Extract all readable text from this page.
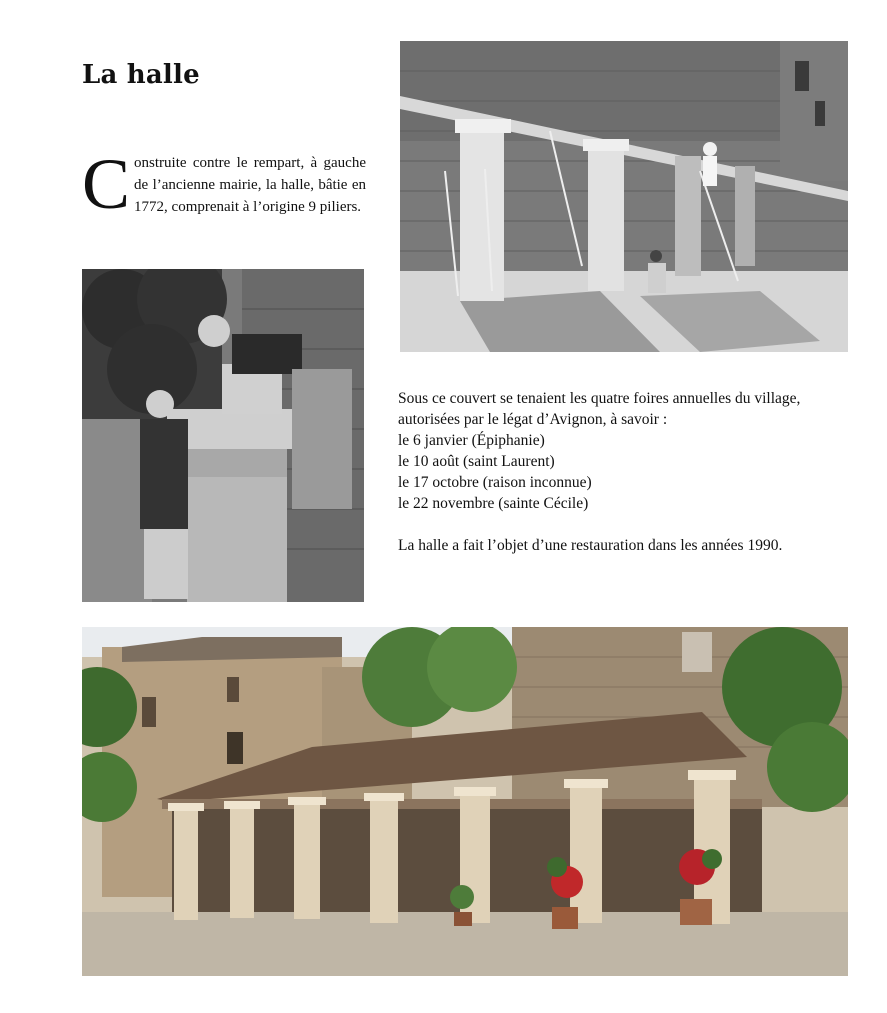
La halle

Construite contre le rempart, à gauche de l’ancienne mairie, la halle, bâtie en 1772, comprenait à l’origine 9 piliers.

Sous ce couvert se tenaient les quatre foires annuelles du village, autorisées par le légat d’Avignon, à savoir :
le 6 janvier (Épiphanie)
le 10 août (saint Laurent)
le 17 octobre (raison inconnue)
le 22 novembre (sainte Cécile)

La halle a fait l’objet d’une restauration dans les années 1990.
